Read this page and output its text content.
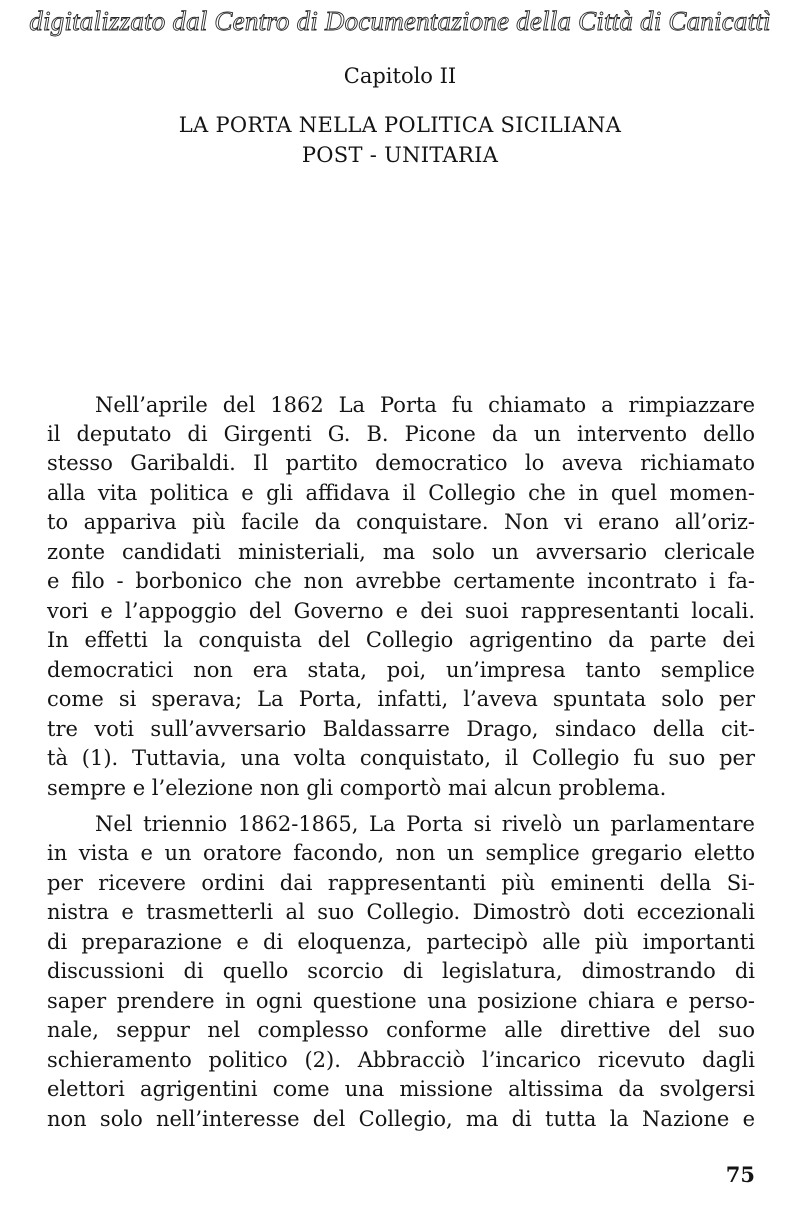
digitalizzato dal Centro di Documentazione della Città di Canicattì
Capitolo II
LA PORTA NELLA POLITICA SICILIANA
POST - UNITARIA
Nell’aprile del 1862 La Porta fu chiamato a rimpiazzare
il deputato di Girgenti G. B. Picone da un intervento dello
stesso Garibaldi. Il partito democratico lo aveva richiamato
alla vita politica e gli affidava il Collegio che in quel momen-
to appariva più facile da conquistare. Non vi erano all’oriz-
zonte candidati ministeriali, ma solo un avversario clericale
e filo - borbonico che non avrebbe certamente incontrato i fa-
vori e l’appoggio del Governo e dei suoi rappresentanti locali.
In effetti la conquista del Collegio agrigentino da parte dei
democratici non era stata, poi, un’impresa tanto semplice
come si sperava; La Porta, infatti, l’aveva spuntata solo per
tre voti sull’avversario Baldassarre Drago, sindaco della cit-
tà (1). Tuttavia, una volta conquistato, il Collegio fu suo per
sempre e l’elezione non gli comportò mai alcun problema.
Nel triennio 1862-1865, La Porta si rivelò un parlamentare
in vista e un oratore facondo, non un semplice gregario eletto
per ricevere ordini dai rappresentanti più eminenti della Si-
nistra e trasmetterli al suo Collegio. Dimostrò doti eccezionali
di preparazione e di eloquenza, partecipò alle più importanti
discussioni di quello scorcio di legislatura, dimostrando di
saper prendere in ogni questione una posizione chiara e perso-
nale, seppur nel complesso conforme alle direttive del suo
schieramento politico (2). Abbracciò l’incarico ricevuto dagli
elettori agrigentini come una missione altissima da svolgersi
non solo nell’interesse del Collegio, ma di tutta la Nazione e
75
